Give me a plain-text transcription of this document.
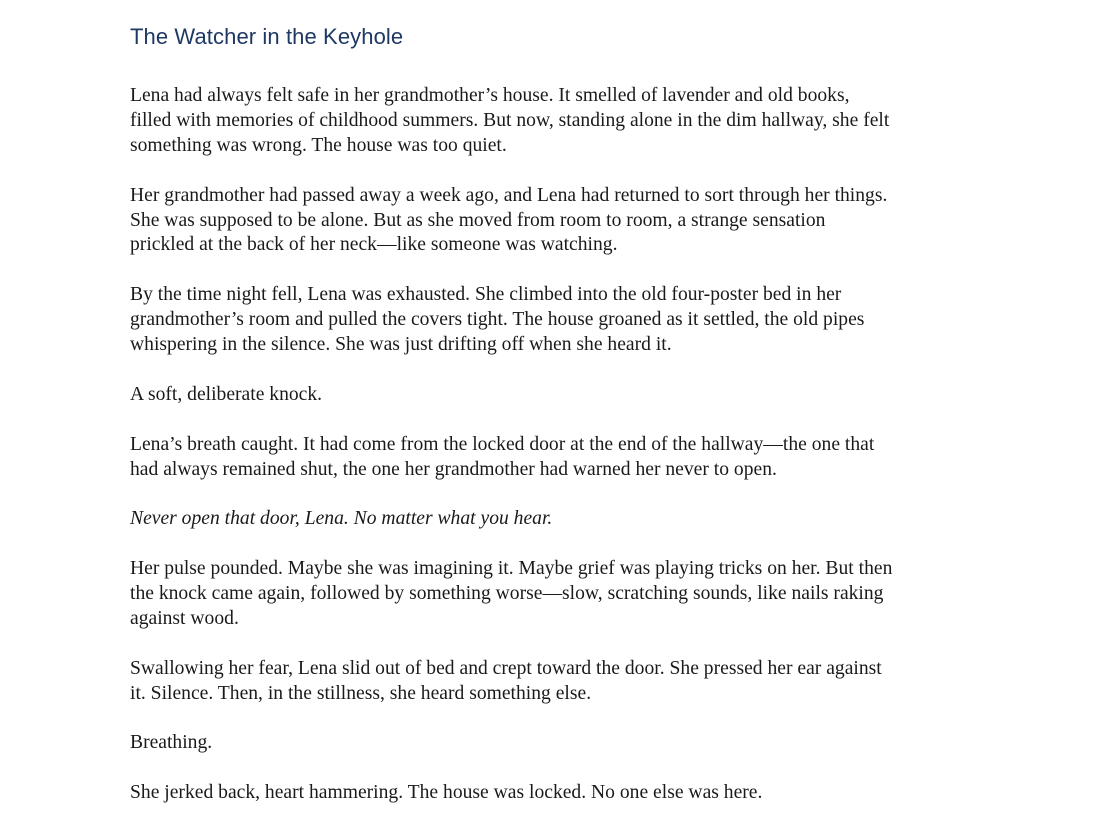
The Watcher in the Keyhole

Lena had always felt safe in her grandmother’s house. It smelled of lavender and old books,
filled with memories of childhood summers. But now, standing alone in the dim hallway, she felt
something was wrong. The house was too quiet.

Her grandmother had passed away a week ago, and Lena had returned to sort through her things.
She was supposed to be alone. But as she moved from room to room, a strange sensation
prickled at the back of her neck—like someone was watching.

By the time night fell, Lena was exhausted. She climbed into the old four-poster bed in her
grandmother’s room and pulled the covers tight. The house groaned as it settled, the old pipes
whispering in the silence. She was just drifting off when she heard it.

A soft, deliberate knock.

Lena’s breath caught. It had come from the locked door at the end of the hallway—the one that
had always remained shut, the one her grandmother had warned her never to open.

Never open that door, Lena. No matter what you hear.

Her pulse pounded. Maybe she was imagining it. Maybe grief was playing tricks on her. But then
the knock came again, followed by something worse—slow, scratching sounds, like nails raking
against wood.

Swallowing her fear, Lena slid out of bed and crept toward the door. She pressed her ear against
it. Silence. Then, in the stillness, she heard something else.

Breathing.

She jerked back, heart hammering. The house was locked. No one else was here.
